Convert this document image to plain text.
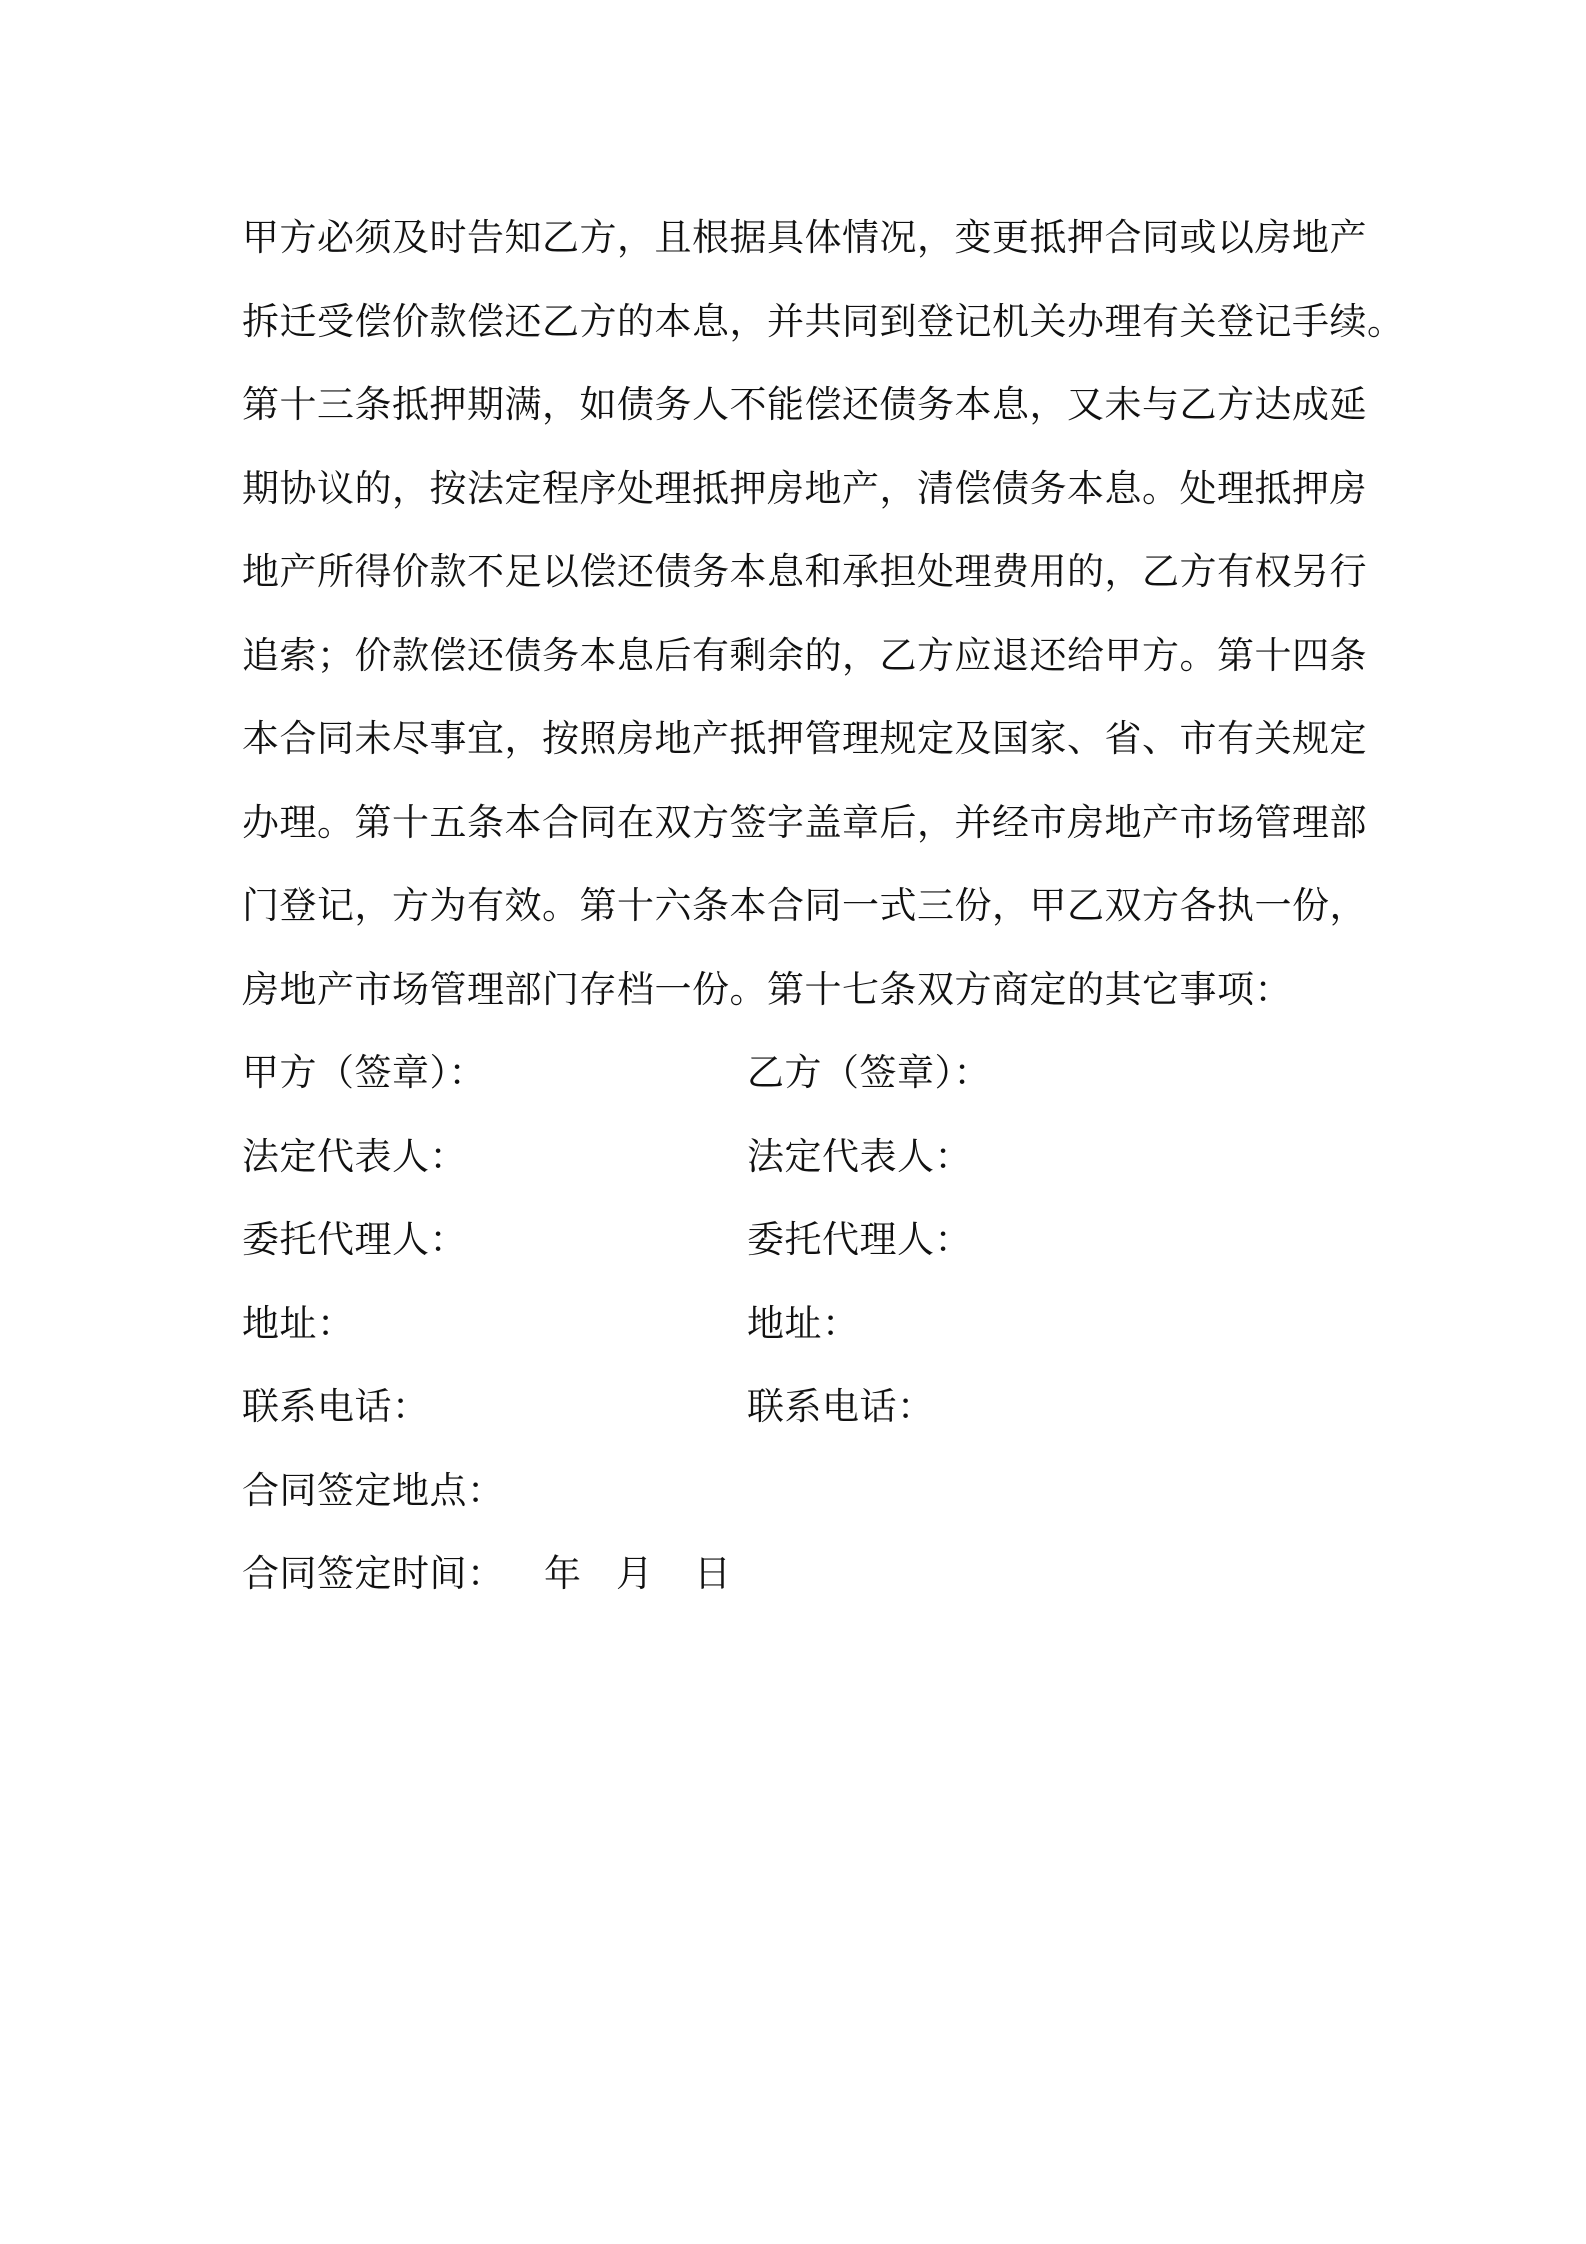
甲方必须及时告知乙方，且根据具体情况，变更抵押合同或以房地产
拆迁受偿价款偿还乙方的本息，并共同到登记机关办理有关登记手续。
第十三条抵押期满，如债务人不能偿还债务本息，又未与乙方达成延
期协议的，按法定程序处理抵押房地产，清偿债务本息。处理抵押房
地产所得价款不足以偿还债务本息和承担处理费用的，乙方有权另行
追索；价款偿还债务本息后有剩余的，乙方应退还给甲方。第十四条
本合同未尽事宜，按照房地产抵押管理规定及国家、省、市有关规定
办理。第十五条本合同在双方签字盖章后，并经市房地产市场管理部
门登记，方为有效。第十六条本合同一式三份，甲乙双方各执一份，
房地产市场管理部门存档一份。第十七条双方商定的其它事项：
甲方（签章）：	乙方（签章）：
法定代表人：	法定代表人：
委托代理人：	委托代理人：
地址：	地址：
联系电话：	联系电话：
合同签定地点：
合同签定时间： 年 月 日
